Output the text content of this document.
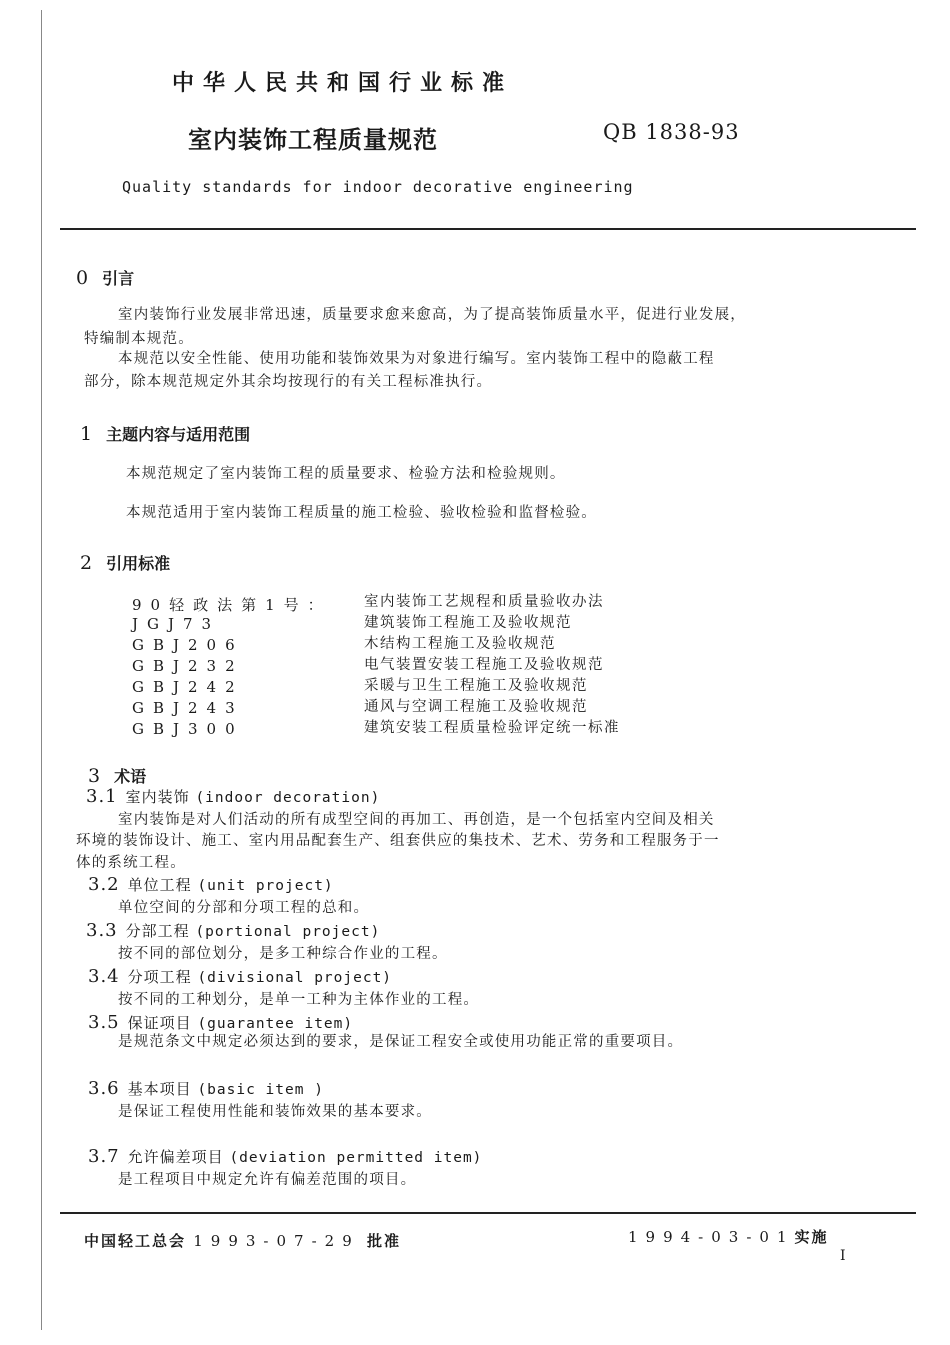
中华人民共和国行业标准
室内装饰工程质量规范	QB 1838-93
Quality standards for indoor decorative engineering
0 引言
室内装饰行业发展非常迅速，质量要求愈来愈高，为了提高装饰质量水平，促进行业发展，
特编制本规范。
本规范以安全性能、使用功能和装饰效果为对象进行编写。室内装饰工程中的隐蔽工程
部分，除本规范规定外其余均按现行的有关工程标准执行。
1 主题内容与适用范围
本规范规定了室内装饰工程的质量要求、检验方法和检验规则。
本规范适用于室内装饰工程质量的施工检验、验收检验和监督检验。
2 引用标准
90轻政法第1号： 室内装饰工艺规程和质量验收办法
JGJ73	建筑装饰工程施工及验收规范
GBJ206	木结构工程施工及验收规范
GBJ232	电气装置安装工程施工及验收规范
GBJ242	采暖与卫生工程施工及验收规范
GBJ243	通风与空调工程施工及验收规范
GBJ300	建筑安装工程质量检验评定统一标准
3 术语
3.1 室内装饰 (indoor decoration)
室内装饰是对人们活动的所有成型空间的再加工、再创造，是一个包括室内空间及相关
环境的装饰设计、施工、室内用品配套生产、组套供应的集技术、艺术、劳务和工程服务于一
体的系统工程。
3.2 单位工程 (unit project)
单位空间的分部和分项工程的总和。
3.3 分部工程 (portional project)
按不同的部位划分，是多工种综合作业的工程。
3.4 分项工程 (divisional project)
按不同的工种划分，是单一工种为主体作业的工程。
3.5 保证项目 (guarantee item)
是规范条文中规定必须达到的要求，是保证工程安全或使用功能正常的重要项目。
3.6 基本项目 (basic item )
是保证工程使用性能和装饰效果的基本要求。
3.7 允许偏差项目 (deviation permitted item)
是工程项目中规定允许有偏差范围的项目。
中国轻工总会 1993-07-29 批准	1994-03-01实施
I
